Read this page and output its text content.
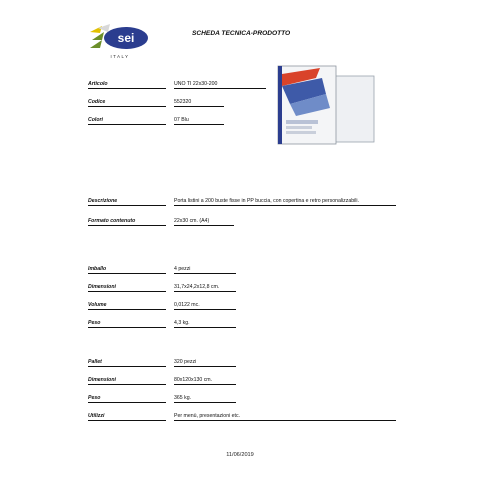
sei
ITALY
SCHEDA TECNICA-PRODOTTO
Articolo	UNO TI 22x30-200
Codice	552320
Colori	07 Blu
Descrizione	Porta listini a 200 buste fisse in PP buccia, con copertina e retro personalizzabili.
Formato contenuto	22x30 cm. (A4)
Imballo	4 pezzi
Dimensioni	31,7x24,2x12,8 cm.
Volume	0,0122 mc.
Peso	4,3 kg.
Pallet	320 pezzi
Dimensioni	80x120x130 cm.
Peso	365 kg.
Utilizzi	Per menù, presentazioni etc.
11/06/2019
